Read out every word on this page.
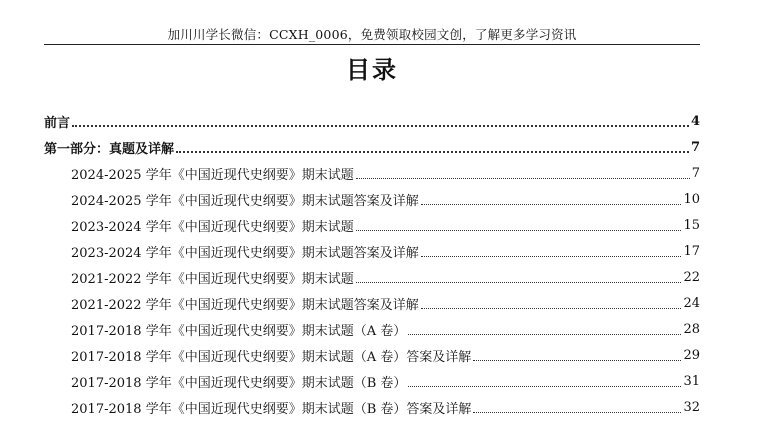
加川川学长微信：CCXH_0006，免费领取校园文创，了解更多学习资讯
目录
前言	4
第一部分：真题及详解	7
2024-2025 学年《中国近现代史纲要》期末试题	7
2024-2025 学年《中国近现代史纲要》期末试题答案及详解	10
2023-2024 学年《中国近现代史纲要》期末试题	15
2023-2024 学年《中国近现代史纲要》期末试题答案及详解	17
2021-2022 学年《中国近现代史纲要》期末试题	22
2021-2022 学年《中国近现代史纲要》期末试题答案及详解	24
2017-2018 学年《中国近现代史纲要》期末试题（A 卷）	28
2017-2018 学年《中国近现代史纲要》期末试题（A 卷）答案及详解	29
2017-2018 学年《中国近现代史纲要》期末试题（B 卷）	31
2017-2018 学年《中国近现代史纲要》期末试题（B 卷）答案及详解	32
